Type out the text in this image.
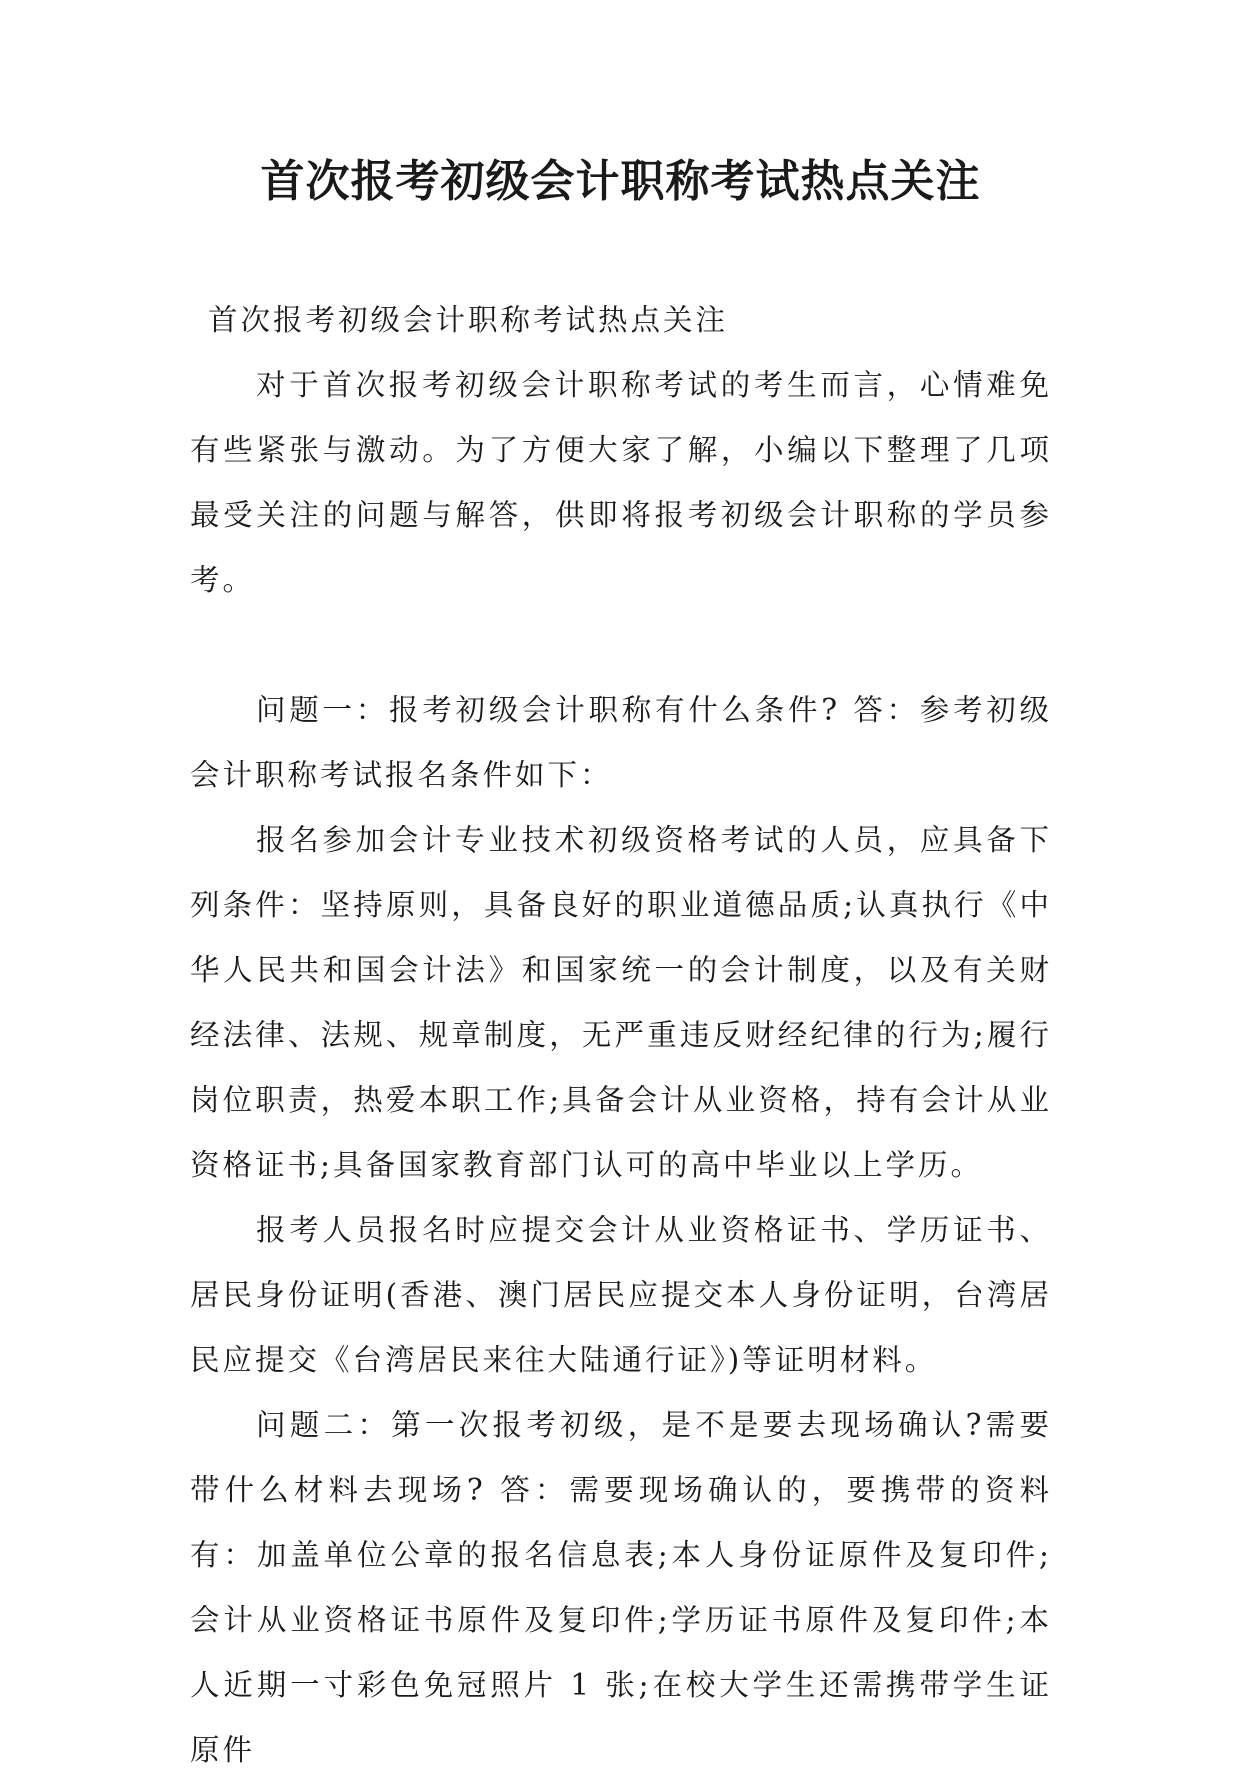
首次报考初级会计职称考试热点关注

首次报考初级会计职称考试热点关注

对于首次报考初级会计职称考试的考生而言，心情难免有些紧张与激动。为了方便大家了解，小编以下整理了几项最受关注的问题与解答，供即将报考初级会计职称的学员参考。

问题一：报考初级会计职称有什么条件? 答：参考初级会计职称考试报名条件如下：

报名参加会计专业技术初级资格考试的人员，应具备下列条件：坚持原则，具备良好的职业道德品质;认真执行《中华人民共和国会计法》和国家统一的会计制度，以及有关财经法律、法规、规章制度，无严重违反财经纪律的行为;履行岗位职责，热爱本职工作;具备会计从业资格，持有会计从业资格证书;具备国家教育部门认可的高中毕业以上学历。

报考人员报名时应提交会计从业资格证书、学历证书、居民身份证明(香港、澳门居民应提交本人身份证明，台湾居民应提交《台湾居民来往大陆通行证》)等证明材料。

问题二：第一次报考初级，是不是要去现场确认?需要带什么材料去现场? 答：需要现场确认的，要携带的资料有：加盖单位公章的报名信息表;本人身份证原件及复印件;会计从业资格证书原件及复印件;学历证书原件及复印件;本人近期一寸彩色免冠照片 1 张;在校大学生还需携带学生证原件
